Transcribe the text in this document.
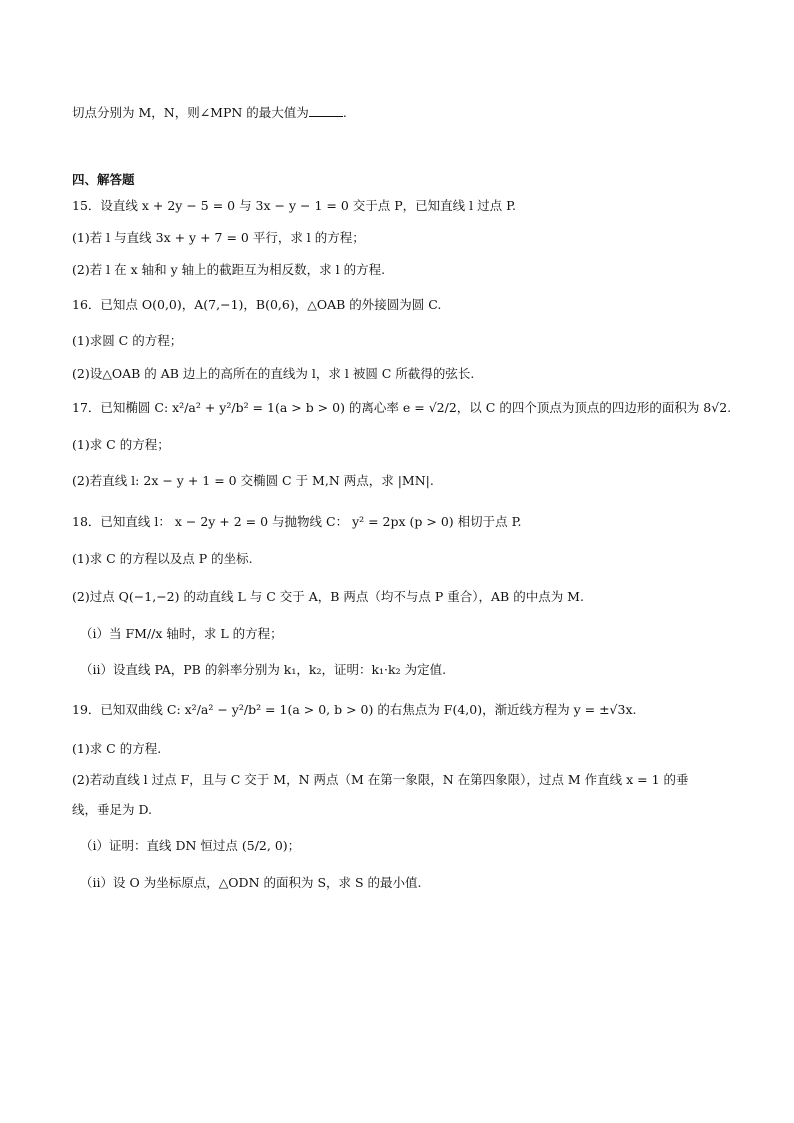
切点分别为 M，N，则∠MPN 的最大值为	.
四、解答题
15．设直线 x + 2y − 5 = 0 与 3x − y − 1 = 0 交于点 P，已知直线 l 过点 P.
(1)若 l 与直线 3x + y + 7 = 0 平行，求 l 的方程；
(2)若 l 在 x 轴和 y 轴上的截距互为相反数，求 l 的方程.
16．已知点 O(0,0)，A(7,−1)，B(0,6)，△OAB 的外接圆为圆 C.
(1)求圆 C 的方程；
(2)设△OAB 的 AB 边上的高所在的直线为 l，求 l 被圆 C 所截得的弦长.
17．已知椭圆 C: x²/a² + y²/b² = 1(a > b > 0) 的离心率 e = √2/2，以 C 的四个顶点为顶点的四边形的面积为 8√2.
(1)求 C 的方程；
(2)若直线 l: 2x − y + 1 = 0 交椭圆 C 于 M,N 两点，求 |MN|.
18．已知直线 l： x − 2y + 2 = 0 与抛物线 C： y² = 2px (p > 0) 相切于点 P.
(1)求 C 的方程以及点 P 的坐标.
(2)过点 Q(−1,−2) 的动直线 L 与 C 交于 A，B 两点（均不与点 P 重合），AB 的中点为 M.
（i）当 FM//x 轴时，求 L 的方程；
（ii）设直线 PA，PB 的斜率分别为 k₁，k₂，证明：k₁·k₂ 为定值.
19．已知双曲线 C: x²/a² − y²/b² = 1(a > 0, b > 0) 的右焦点为 F(4,0)，渐近线方程为 y = ±√3x.
(1)求 C 的方程.
(2)若动直线 l 过点 F，且与 C 交于 M，N 两点（M 在第一象限，N 在第四象限），过点 M 作直线 x = 1 的垂
线，垂足为 D.
（i）证明：直线 DN 恒过点 (5/2, 0)；
（ii）设 O 为坐标原点，△ODN 的面积为 S，求 S 的最小值.
